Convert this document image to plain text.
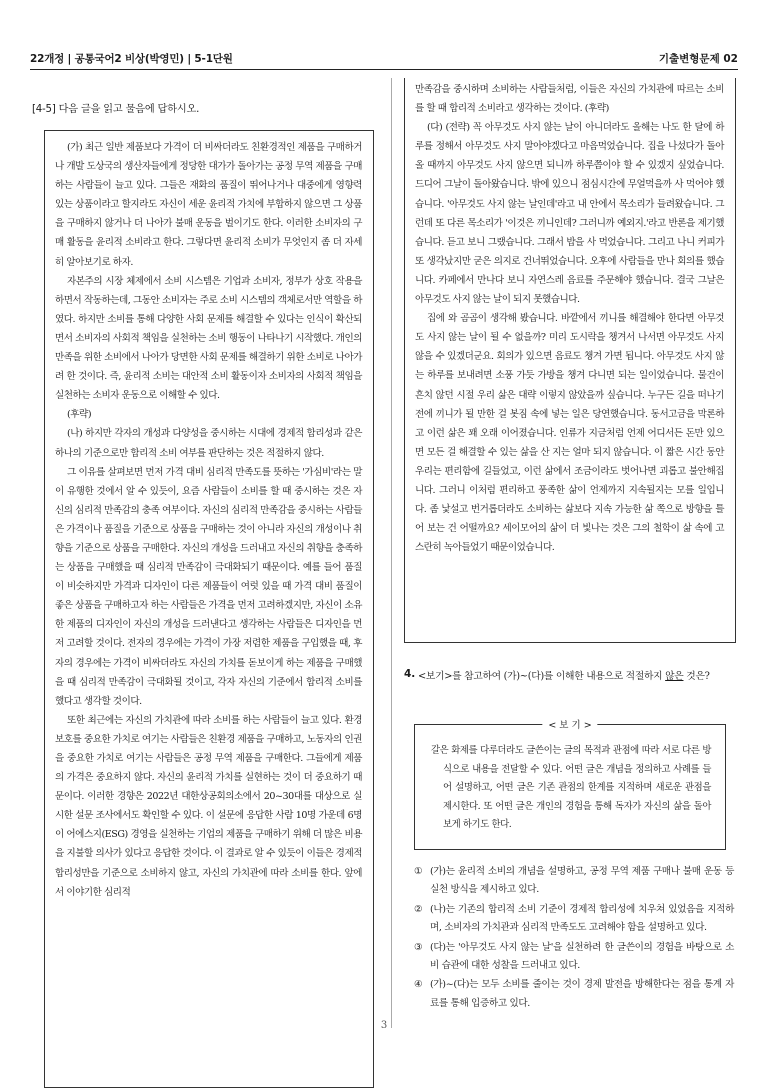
22개정 | 공통국어2 비상(박영민) | 5-1단원	기출변형문제 02
[4-5] 다음 글을 읽고 물음에 답하시오.

(가) 최근 일반 제품보다 가격이 더 비싸더라도 친환경적인 제품을 구매하거나 개발 도상국의 생산자들에게 정당한 대가가 돌아가는 공정 무역 제품을 구매하는 사람들이 늘고 있다. 그들은 재화의 품질이 뛰어나거나 대중에게 영향력 있는 상품이라고 할지라도 자신이 세운 윤리적 가치에 부합하지 않으면 그 상품을 구매하지 않거나 더 나아가 불매 운동을 벌이기도 한다. 이러한 소비자의 구매 활동을 윤리적 소비라고 한다. 그렇다면 윤리적 소비가 무엇인지 좀 더 자세히 알아보기로 하자.

자본주의 시장 체제에서 소비 시스템은 기업과 소비자, 정부가 상호 작용을 하면서 작동하는데, 그동안 소비자는 주로 소비 시스템의 객체로서만 역할을 하였다. 하지만 소비를 통해 다양한 사회 문제를 해결할 수 있다는 인식이 확산되면서 소비자의 사회적 책임을 실천하는 소비 행동이 나타나기 시작했다. 개인의 만족을 위한 소비에서 나아가 당면한 사회 문제를 해결하기 위한 소비로 나아가려 한 것이다. 즉, 윤리적 소비는 대안적 소비 활동이자 소비자의 사회적 책임을 실천하는 소비자 운동으로 이해할 수 있다.

(후략)

(나) 하지만 각자의 개성과 다양성을 중시하는 시대에 경제적 합리성과 같은 하나의 기준으로만 합리적 소비 여부를 판단하는 것은 적절하지 않다.

그 이유를 살펴보면 먼저 가격 대비 심리적 만족도를 뜻하는 '가심비'라는 말이 유행한 것에서 알 수 있듯이, 요즘 사람들이 소비를 할 때 중시하는 것은 자신의 심리적 만족감의 충족 여부이다. 자신의 심리적 만족감을 중시하는 사람들은 가격이나 품질을 기준으로 상품을 구매하는 것이 아니라 자신의 개성이나 취향을 기준으로 상품을 구매한다. 자신의 개성을 드러내고 자신의 취향을 충족하는 상품을 구매했을 때 심리적 만족감이 극대화되기 때문이다. 예를 들어 품질이 비슷하지만 가격과 디자인이 다른 제품들이 여럿 있을 때 가격 대비 품질이 좋은 상품을 구매하고자 하는 사람들은 가격을 먼저 고려하겠지만, 자신이 소유한 제품의 디자인이 자신의 개성을 드러낸다고 생각하는 사람들은 디자인을 먼저 고려할 것이다. 전자의 경우에는 가격이 가장 저렴한 제품을 구입했을 때, 후자의 경우에는 가격이 비싸더라도 자신의 가치를 돋보이게 하는 제품을 구매했을 때 심리적 만족감이 극대화될 것이고, 각자 자신의 기준에서 합리적 소비를 했다고 생각할 것이다.

또한 최근에는 자신의 가치관에 따라 소비를 하는 사람들이 늘고 있다. 환경 보호를 중요한 가치로 여기는 사람들은 친환경 제품을 구매하고, 노동자의 인권을 중요한 가치로 여기는 사람들은 공정 무역 제품을 구매한다. 그들에게 제품의 가격은 중요하지 않다. 자신의 윤리적 가치를 실현하는 것이 더 중요하기 때문이다. 이러한 경향은 2022년 대한상공회의소에서 20~30대를 대상으로 실시한 설문 조사에서도 확인할 수 있다. 이 설문에 응답한 사람 10명 가운데 6명이 어에스지(ESG) 경영을 실천하는 기업의 제품을 구매하기 위해 더 많은 비용을 지불할 의사가 있다고 응답한 것이다. 이 결과로 알 수 있듯이 이들은 경제적 합리성만을 기준으로 소비하지 않고, 자신의 가치관에 따라 소비를 한다. 앞에서 이야기한 심리적

만족감을 중시하며 소비하는 사람들처럼, 이들은 자신의 가치관에 따르는 소비를 할 때 합리적 소비라고 생각하는 것이다. (후략)

(다) (전략) 꼭 아무것도 사지 않는 날이 아니더라도 올해는 나도 한 달에 하루를 정해서 아무것도 사지 말아야겠다고 마음먹었습니다. 집을 나섰다가 돌아올 때까지 아무것도 사지 않으면 되니까 하루쯤이야 할 수 있겠지 싶었습니다. 드디어 그날이 돌아왔습니다. 밖에 있으니 점심시간에 무얼먹을까 사 먹어야 했습니다. '아무것도 사지 않는 날인데'라고 내 안에서 목소리가 들려왔습니다. 그런데 또 다른 목소리가 '이것은 끼니인데? 그러니까 예외지.'라고 반론을 제기했습니다. 듣고 보니 그랬습니다. 그래서 밥을 사 먹었습니다. 그리고 나니 커피가 또 생각났지만 굳은 의지로 건너뛰었습니다. 오후에 사람들을 만나 회의를 했습니다. 카페에서 만나다 보니 자연스레 음료를 주문해야 했습니다. 결국 그날은 아무것도 사지 않는 날이 되지 못했습니다.

집에 와 곰곰이 생각해 봤습니다. 바깥에서 끼니를 해결해야 한다면 아무것도 사지 않는 날이 될 수 없을까? 미리 도시락을 챙겨서 나서면 아무것도 사지 않을 수 있겠더군요. 회의가 있으면 음료도 챙겨 가면 됩니다. 아무것도 사지 않는 하루를 보내려면 소풍 가듯 가방을 챙겨 다니면 되는 일이었습니다. 물건이 흔치 않던 시절 우리 삶은 대략 이렇지 않았을까 싶습니다. 누구든 길을 떠나기 전에 끼니가 될 만한 걸 봇짐 속에 넣는 일은 당연했습니다. 동서고금을 막론하고 이런 삶은 꽤 오래 이어졌습니다. 인류가 지금처럼 언제 어디서든 돈만 있으면 모든 걸 해결할 수 있는 삶을 산 지는 얼마 되지 않습니다. 이 짧은 시간 동안 우리는 편리함에 길들었고, 이런 삶에서 조금이라도 벗어나면 괴롭고 불안해집니다. 그러니 이처럼 편리하고 풍족한 삶이 언제까지 지속될지는 모를 일입니다. 좀 낯설고 번거롭더라도 소비하는 삶보다 지속 가능한 삶 쪽으로 방향을 틀어 보는 건 어떨까요? 세이모어의 삶이 더 빛나는 것은 그의 철학이 삶 속에 고스란히 녹아들었기 때문이었습니다.

4. <보기>를 참고하여 (가)~(다)를 이해한 내용으로 적절하지 않은 것은?

< 보 기 >

갈은 화제를 다루더라도 글쓴이는 글의 목적과 관점에 따라 서로 다른 방식으로 내용을 전달할 수 있다. 어떤 글은 개념을 정의하고 사례를 들어 설명하고, 어떤 글은 기존 관점의 한계를 지적하며 새로운 관점을 제시한다. 또 어떤 글은 개인의 경험을 통해 독자가 자신의 삶을 돌아보게 하기도 한다.

① (가)는 윤리적 소비의 개념을 설명하고, 공정 무역 제품 구매나 불매 운동 등 실천 방식을 제시하고 있다.
② (나)는 기존의 합리적 소비 기준이 경제적 합리성에 치우쳐 있었음을 지적하며, 소비자의 가치관과 심리적 만족도도 고려해야 함을 설명하고 있다.
③ (다)는 '아무것도 사지 않는 날'을 실천하려 한 글쓴이의 경험을 바탕으로 소비 습관에 대한 성찰을 드러내고 있다.
④ (가)~(다)는 모두 소비를 줄이는 것이 경제 발전을 방해한다는 점을 통계 자료를 통해 입증하고 있다.
3
